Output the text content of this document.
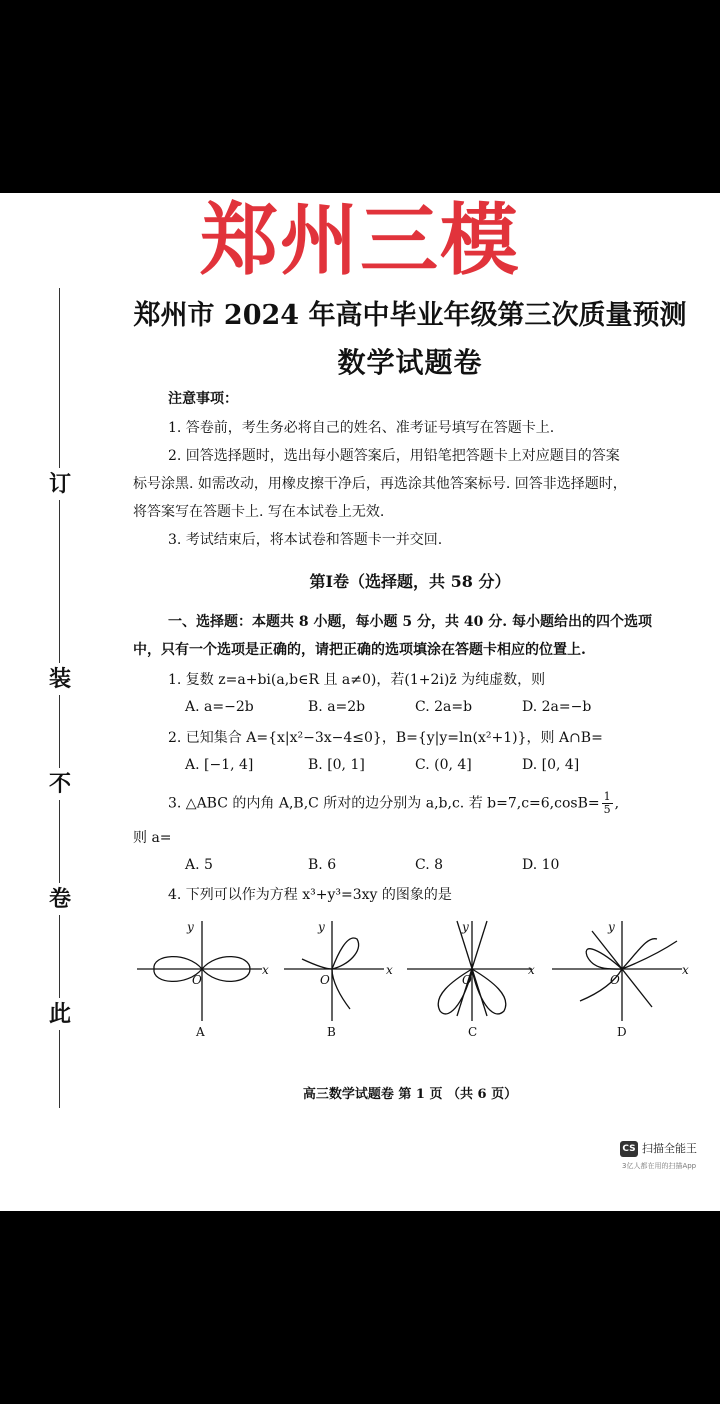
郑州三模
订
装
不
卷
此
郑州市 2024 年高中毕业年级第三次质量预测
数学试题卷
注意事项：
1. 答卷前，考生务必将自己的姓名、准考证号填写在答题卡上.
2. 回答选择题时，选出每小题答案后，用铅笔把答题卡上对应题目的答案
标号涂黑. 如需改动，用橡皮擦干净后，再选涂其他答案标号. 回答非选择题时，
将答案写在答题卡上. 写在本试卷上无效.
3. 考试结束后，将本试卷和答题卡一并交回.
第Ⅰ卷（选择题，共 58 分）
一、选择题：本题共 8 小题，每小题 5 分，共 40 分. 每小题给出的四个选项
中，只有一个选项是正确的，请把正确的选项填涂在答题卡相应的位置上.
1. 复数 z=a+bi(a,b∈R 且 a≠0)，若(1+2i)z̄ 为纯虚数，则
A. a=−2b	B. a=2b	C. 2a=b	D. 2a=−b
2. 已知集合 A={x|x²−3x−4≤0}，B={y|y=ln(x²+1)}，则 A∩B=
A. [−1, 4]	B. [0, 1]	C. (0, 4]	D. [0, 4]
3. △ABC 的内角 A,B,C 所对的边分别为 a,b,c. 若 $b=7,c=6,\cos B= \frac{1}{5}$ ,
则 a=
A. 5	B. 6	C. 8	D. 10
4. 下列可以作为方程 x³+y³=3xy 的图象的是
x
y
O
A
x
y
O
B
x
y
O
C
x
y
O
D
高三数学试题卷 第 1 页 （共 6 页）
CS 扫描全能王
3亿人都在用的扫描App
